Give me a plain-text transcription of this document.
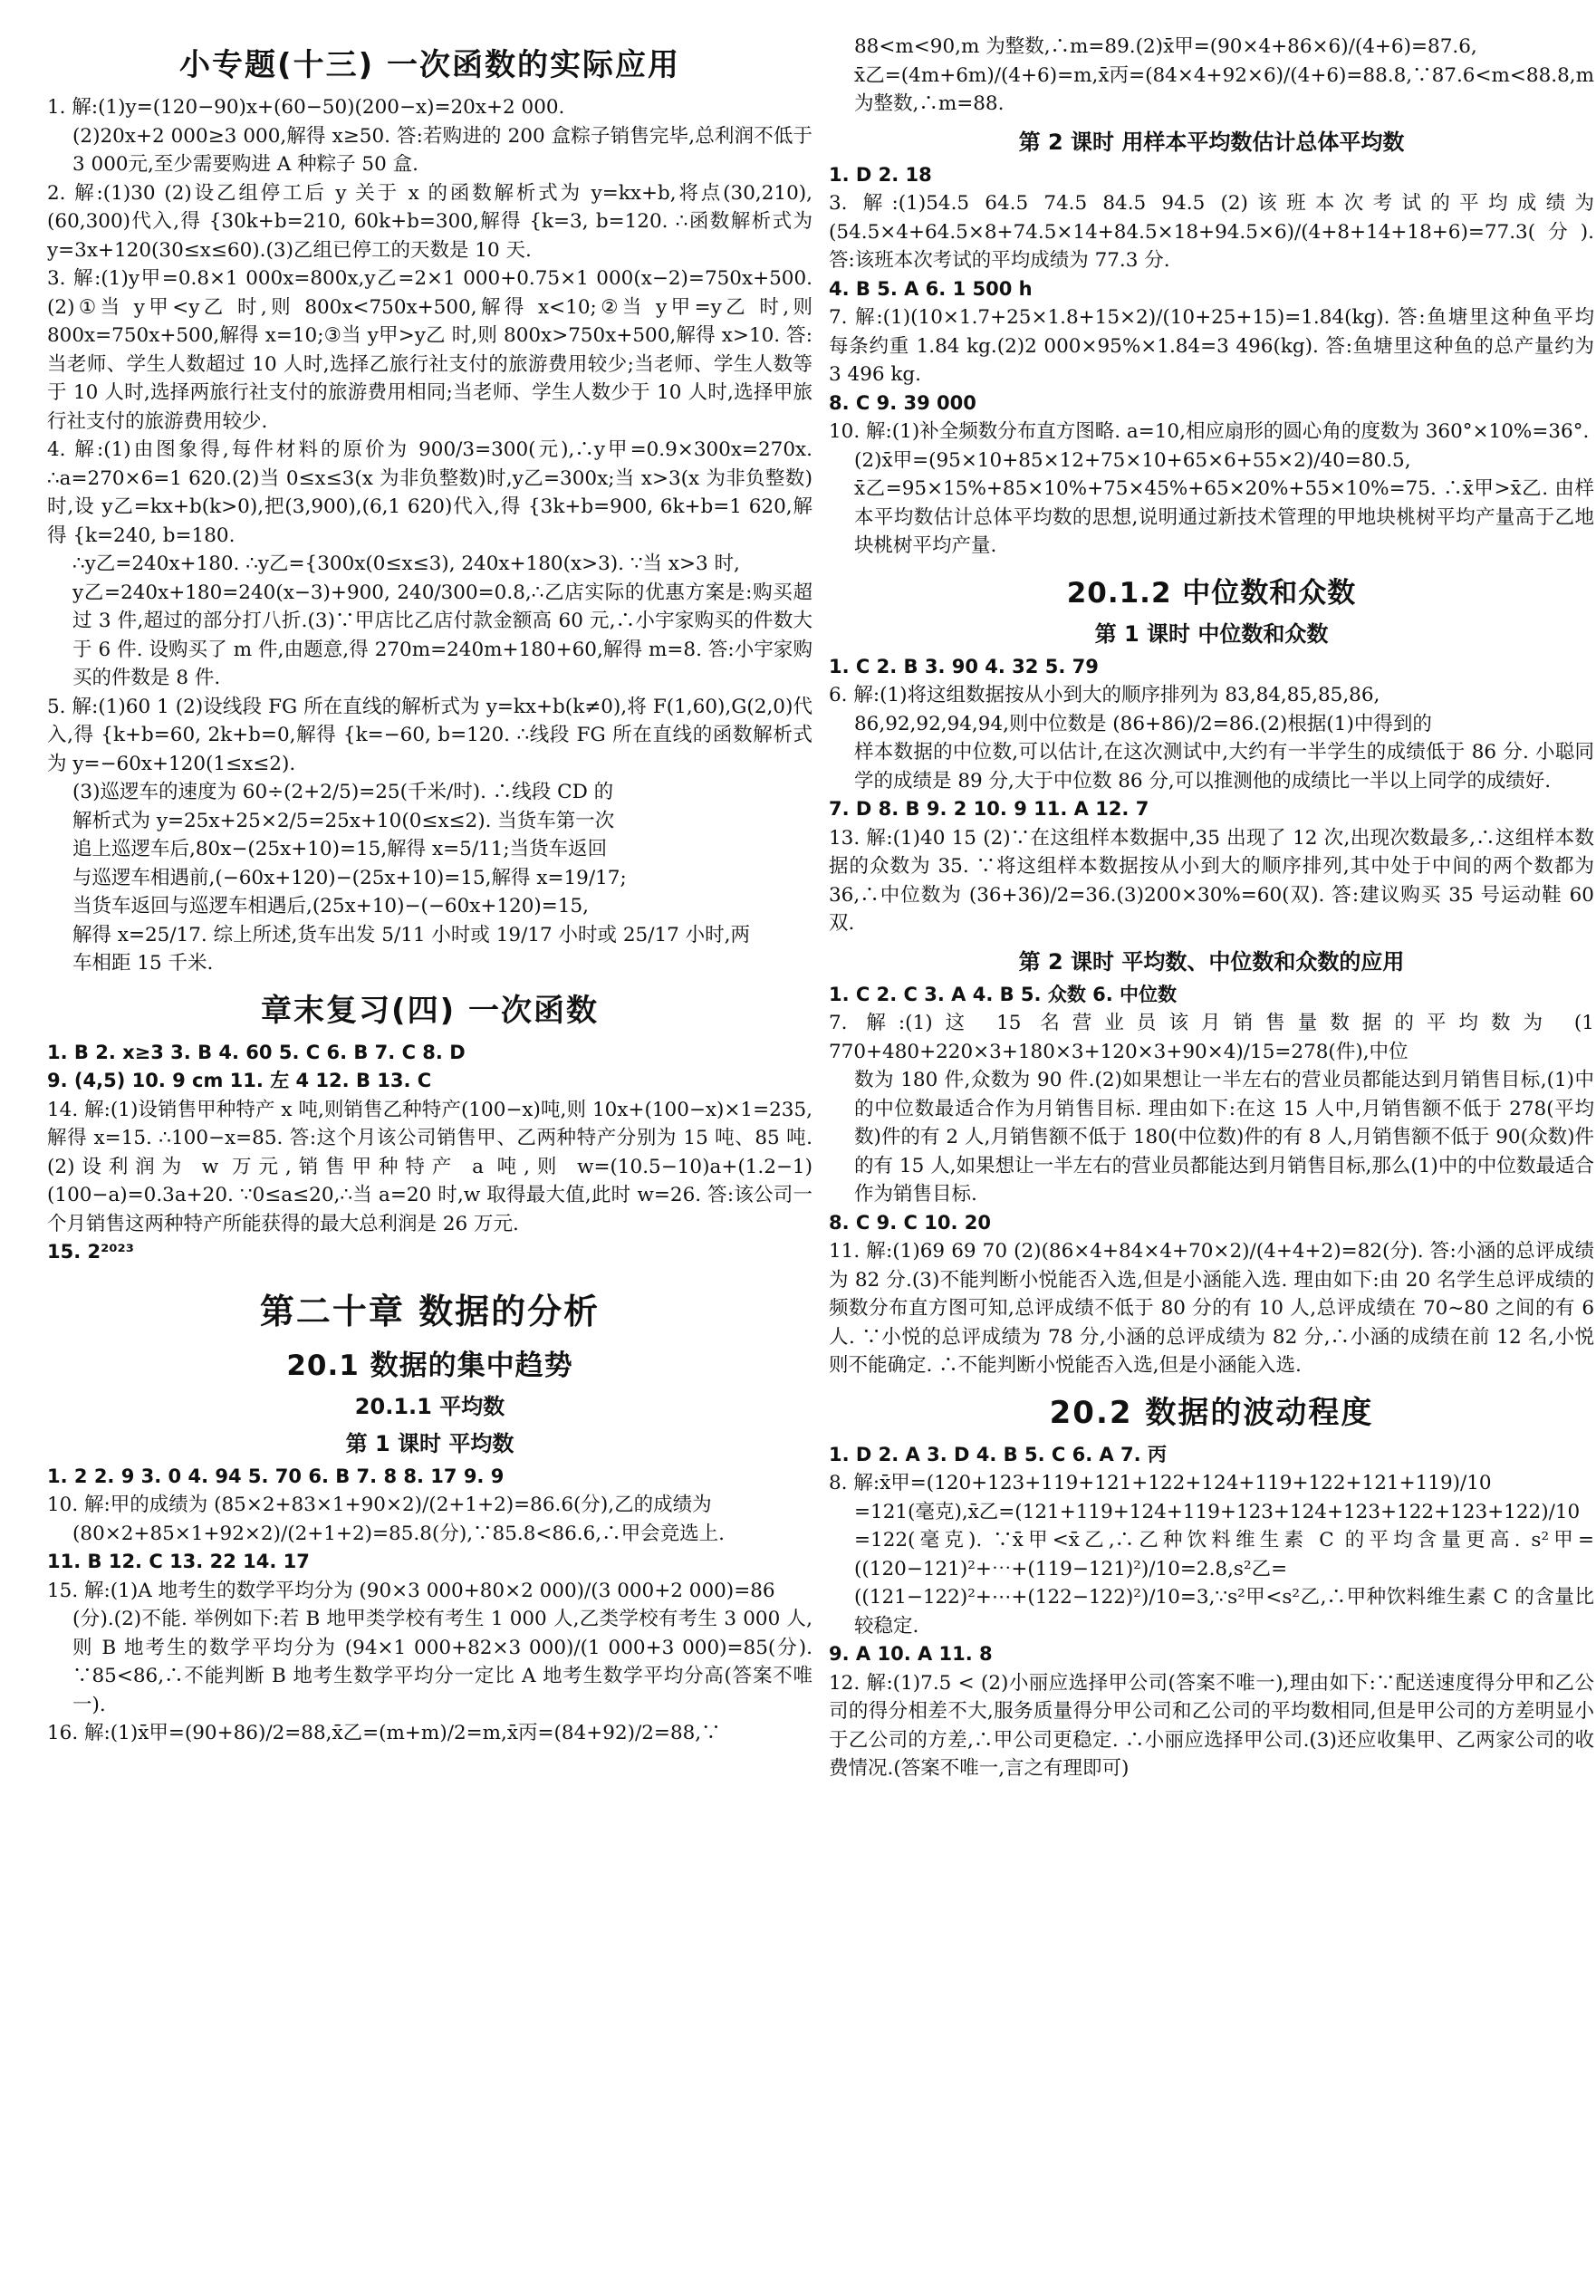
小专题(十三) 一次函数的实际应用

1. 解:(1)y=(120−90)x+(60−50)(200−x)=20x+2 000.

(2)20x+2 000≥3 000,解得 x≥50. 答:若购进的 200 盒粽子销售完毕,总利润不低于3 000元,至少需要购进 A 种粽子 50 盒.

2. 解:(1)30 (2)设乙组停工后 y 关于 x 的函数解析式为 y=kx+b,将点(30,210),(60,300)代入,得 {30k+b=210, 60k+b=300,解得 {k=3, b=120. ∴函数解析式为 y=3x+120(30≤x≤60).(3)乙组已停工的天数是 10 天.

3. 解:(1)y甲=0.8×1 000x=800x,y乙=2×1 000+0.75×1 000(x−2)=750x+500.(2)①当 y甲<y乙 时,则 800x<750x+500,解得 x<10;②当 y甲=y乙 时,则 800x=750x+500,解得 x=10;③当 y甲>y乙 时,则 800x>750x+500,解得 x>10. 答:当老师、学生人数超过 10 人时,选择乙旅行社支付的旅游费用较少;当老师、学生人数等于 10 人时,选择两旅行社支付的旅游费用相同;当老师、学生人数少于 10 人时,选择甲旅行社支付的旅游费用较少.

4. 解:(1)由图象得,每件材料的原价为 900/3=300(元),∴y甲=0.9×300x=270x. ∴a=270×6=1 620.(2)当 0≤x≤3(x 为非负整数)时,y乙=300x;当 x>3(x 为非负整数)时,设 y乙=kx+b(k>0),把(3,900),(6,1 620)代入,得 {3k+b=900, 6k+b=1 620,解得 {k=240, b=180.

∴y乙=240x+180. ∴y乙={300x(0≤x≤3), 240x+180(x>3). ∵当 x>3 时,

y乙=240x+180=240(x−3)+900, 240/300=0.8,∴乙店实际的优惠方案是:购买超过 3 件,超过的部分打八折.(3)∵甲店比乙店付款金额高 60 元,∴小宇家购买的件数大于 6 件. 设购买了 m 件,由题意,得 270m=240m+180+60,解得 m=8. 答:小宇家购买的件数是 8 件.

5. 解:(1)60 1 (2)设线段 FG 所在直线的解析式为 y=kx+b(k≠0),将 F(1,60),G(2,0)代入,得 {k+b=60, 2k+b=0,解得 {k=−60, b=120. ∴线段 FG 所在直线的函数解析式为 y=−60x+120(1≤x≤2).

(3)巡逻车的速度为 60÷(2+2/5)=25(千米/时). ∴线段 CD 的

解析式为 y=25x+25×2/5=25x+10(0≤x≤2). 当货车第一次

追上巡逻车后,80x−(25x+10)=15,解得 x=5/11;当货车返回

与巡逻车相遇前,(−60x+120)−(25x+10)=15,解得 x=19/17;

当货车返回与巡逻车相遇后,(25x+10)−(−60x+120)=15,

解得 x=25/17. 综上所述,货车出发 5/11 小时或 19/17 小时或 25/17 小时,两

车相距 15 千米.

章末复习(四) 一次函数

1. B 2. x≥3 3. B 4. 60 5. C 6. B 7. C 8. D

9. (4,5) 10. 9 cm 11. 左 4 12. B 13. C

14. 解:(1)设销售甲种特产 x 吨,则销售乙种特产(100−x)吨,则 10x+(100−x)×1=235,解得 x=15. ∴100−x=85. 答:这个月该公司销售甲、乙两种特产分别为 15 吨、85 吨.(2)设利润为 w 万元,销售甲种特产 a 吨,则 w=(10.5−10)a+(1.2−1)(100−a)=0.3a+20. ∵0≤a≤20,∴当 a=20 时,w 取得最大值,此时 w=26. 答:该公司一个月销售这两种特产所能获得的最大总利润是 26 万元.

15. 2²⁰²³

第二十章 数据的分析
20.1 数据的集中趋势
20.1.1 平均数
第 1 课时 平均数

1. 2 2. 9 3. 0 4. 94 5. 70 6. B 7. 8 8. 17 9. 9

10. 解:甲的成绩为 (85×2+83×1+90×2)/(2+1+2)=86.6(分),乙的成绩为

(80×2+85×1+92×2)/(2+1+2)=85.8(分),∵85.8<86.6,∴甲会竞选上.

11. B 12. C 13. 22 14. 17

15. 解:(1)A 地考生的数学平均分为 (90×3 000+80×2 000)/(3 000+2 000)=86

(分).(2)不能. 举例如下:若 B 地甲类学校有考生 1 000 人,乙类学校有考生 3 000 人,则 B 地考生的数学平均分为 (94×1 000+82×3 000)/(1 000+3 000)=85(分). ∵85<86,∴不能判断 B 地考生数学平均分一定比 A 地考生数学平均分高(答案不唯一).

16. 解:(1)x̄甲=(90+86)/2=88,x̄乙=(m+m)/2=m,x̄丙=(84+92)/2=88,∵

88<m<90,m 为整数,∴m=89.(2)x̄甲=(90×4+86×6)/(4+6)=87.6,

x̄乙=(4m+6m)/(4+6)=m,x̄丙=(84×4+92×6)/(4+6)=88.8,∵87.6<m<88.8,m 为整数,∴m=88.

第 2 课时 用样本平均数估计总体平均数

1. D 2. 18

3. 解:(1)54.5 64.5 74.5 84.5 94.5 (2)该班本次考试的平均成绩为 (54.5×4+64.5×8+74.5×14+84.5×18+94.5×6)/(4+8+14+18+6)=77.3(分). 答:该班本次考试的平均成绩为 77.3 分.

4. B 5. A 6. 1 500 h

7. 解:(1)(10×1.7+25×1.8+15×2)/(10+25+15)=1.84(kg). 答:鱼塘里这种鱼平均每条约重 1.84 kg.(2)2 000×95%×1.84=3 496(kg). 答:鱼塘里这种鱼的总产量约为 3 496 kg.

8. C 9. 39 000

10. 解:(1)补全频数分布直方图略. a=10,相应扇形的圆心角的度数为 360°×10%=36°.

(2)x̄甲=(95×10+85×12+75×10+65×6+55×2)/40=80.5,

x̄乙=95×15%+85×10%+75×45%+65×20%+55×10%=75. ∴x̄甲>x̄乙. 由样本平均数估计总体平均数的思想,说明通过新技术管理的甲地块桃树平均产量高于乙地块桃树平均产量.

20.1.2 中位数和众数
第 1 课时 中位数和众数

1. C 2. B 3. 90 4. 32 5. 79

6. 解:(1)将这组数据按从小到大的顺序排列为 83,84,85,85,86,

86,92,92,94,94,则中位数是 (86+86)/2=86.(2)根据(1)中得到的

样本数据的中位数,可以估计,在这次测试中,大约有一半学生的成绩低于 86 分. 小聪同学的成绩是 89 分,大于中位数 86 分,可以推测他的成绩比一半以上同学的成绩好.

7. D 8. B 9. 2 10. 9 11. A 12. 7

13. 解:(1)40 15 (2)∵在这组样本数据中,35 出现了 12 次,出现次数最多,∴这组样本数据的众数为 35. ∵将这组样本数据按从小到大的顺序排列,其中处于中间的两个数都为 36,∴中位数为 (36+36)/2=36.(3)200×30%=60(双). 答:建议购买 35 号运动鞋 60 双.

第 2 课时 平均数、中位数和众数的应用

1. C 2. C 3. A 4. B 5. 众数 6. 中位数

7. 解:(1)这 15 名营业员该月销售量数据的平均数为 (1 770+480+220×3+180×3+120×3+90×4)/15=278(件),中位

数为 180 件,众数为 90 件.(2)如果想让一半左右的营业员都能达到月销售目标,(1)中的中位数最适合作为月销售目标. 理由如下:在这 15 人中,月销售额不低于 278(平均数)件的有 2 人,月销售额不低于 180(中位数)件的有 8 人,月销售额不低于 90(众数)件的有 15 人,如果想让一半左右的营业员都能达到月销售目标,那么(1)中的中位数最适合作为销售目标.

8. C 9. C 10. 20

11. 解:(1)69 69 70 (2)(86×4+84×4+70×2)/(4+4+2)=82(分). 答:小涵的总评成绩为 82 分.(3)不能判断小悦能否入选,但是小涵能入选. 理由如下:由 20 名学生总评成绩的频数分布直方图可知,总评成绩不低于 80 分的有 10 人,总评成绩在 70~80 之间的有 6 人. ∵小悦的总评成绩为 78 分,小涵的总评成绩为 82 分,∴小涵的成绩在前 12 名,小悦则不能确定. ∴不能判断小悦能否入选,但是小涵能入选.

20.2 数据的波动程度

1. D 2. A 3. D 4. B 5. C 6. A 7. 丙

8. 解:x̄甲=(120+123+119+121+122+124+119+122+121+119)/10

=121(毫克),x̄乙=(121+119+124+119+123+124+123+122+123+122)/10

=122(毫克). ∵x̄甲<x̄乙,∴乙种饮料维生素 C 的平均含量更高. s²甲=((120−121)²+⋯+(119−121)²)/10=2.8,s²乙=

((121−122)²+⋯+(122−122)²)/10=3,∵s²甲<s²乙,∴甲种饮料维生素 C 的含量比较稳定.

9. A 10. A 11. 8

12. 解:(1)7.5 < (2)小丽应选择甲公司(答案不唯一),理由如下:∵配送速度得分甲和乙公司的得分相差不大,服务质量得分甲公司和乙公司的平均数相同,但是甲公司的方差明显小于乙公司的方差,∴甲公司更稳定. ∴小丽应选择甲公司.(3)还应收集甲、乙两家公司的收费情况.(答案不唯一,言之有理即可)
